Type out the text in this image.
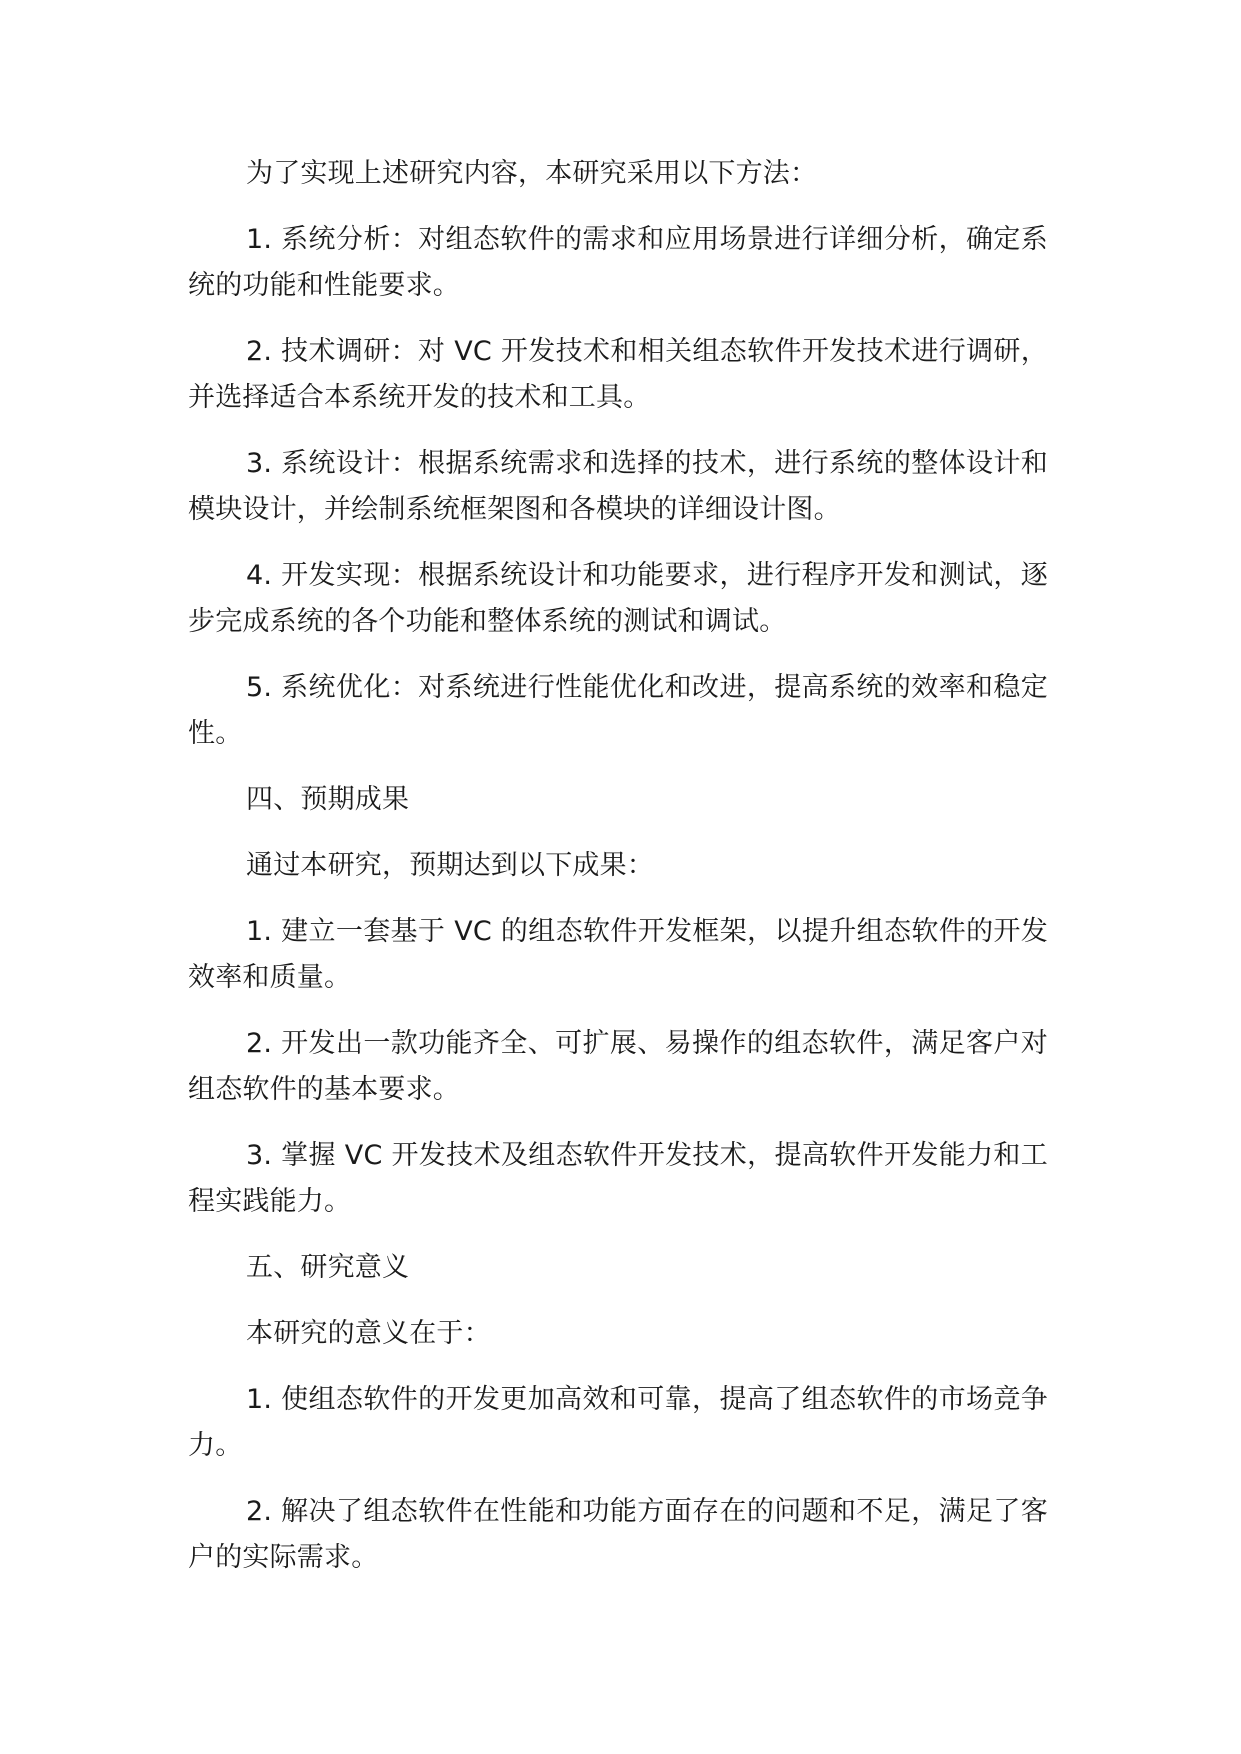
为了实现上述研究内容，本研究采用以下方法：

1. 系统分析：对组态软件的需求和应用场景进行详细分析，确定系统的功能和性能要求。

2. 技术调研：对 VC 开发技术和相关组态软件开发技术进行调研，并选择适合本系统开发的技术和工具。

3. 系统设计：根据系统需求和选择的技术，进行系统的整体设计和模块设计，并绘制系统框架图和各模块的详细设计图。

4. 开发实现：根据系统设计和功能要求，进行程序开发和测试，逐步完成系统的各个功能和整体系统的测试和调试。

5. 系统优化：对系统进行性能优化和改进，提高系统的效率和稳定性。

四、预期成果

通过本研究，预期达到以下成果：

1. 建立一套基于 VC 的组态软件开发框架，以提升组态软件的开发效率和质量。

2. 开发出一款功能齐全、可扩展、易操作的组态软件，满足客户对组态软件的基本要求。

3. 掌握 VC 开发技术及组态软件开发技术，提高软件开发能力和工程实践能力。

五、研究意义

本研究的意义在于：

1. 使组态软件的开发更加高效和可靠，提高了组态软件的市场竞争力。

2. 解决了组态软件在性能和功能方面存在的问题和不足，满足了客户的实际需求。
